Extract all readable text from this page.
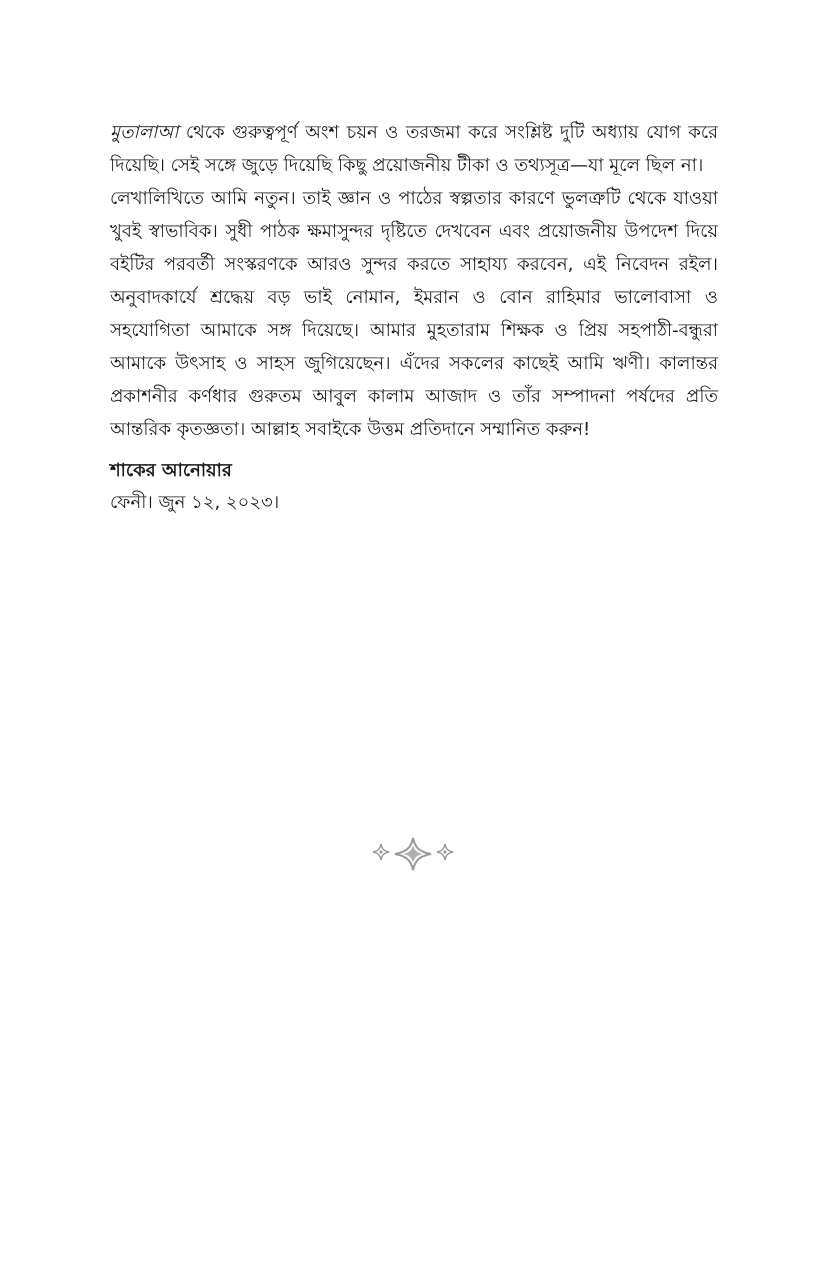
মুতালাআ থেকে গুরুত্বপূর্ণ অংশ চয়ন ও তরজমা করে সংশ্লিষ্ট দুটি অধ্যায় যোগ করে দিয়েছি। সেই সঙ্গে জুড়ে দিয়েছি কিছু প্রয়োজনীয় টীকা ও তথ্যসূত্র—যা মূলে ছিল না।

লেখালিখিতে আমি নতুন। তাই জ্ঞান ও পাঠের স্বল্পতার কারণে ভুলত্রুটি থেকে যাওয়া খুবই স্বাভাবিক। সুধী পাঠক ক্ষমাসুন্দর দৃষ্টিতে দেখবেন এবং প্রয়োজনীয় উপদেশ দিয়ে বইটির পরবর্তী সংস্করণকে আরও সুন্দর করতে সাহায্য করবেন, এই নিবেদন রইল। অনুবাদকার্যে শ্রদ্ধেয় বড় ভাই নোমান, ইমরান ও বোন রাহিমার ভালোবাসা ও সহযোগিতা আমাকে সঙ্গ দিয়েছে। আমার মুহতারাম শিক্ষক ও প্রিয় সহপাঠী-বন্ধুরা আমাকে উৎসাহ ও সাহস জুগিয়েছেন। এঁদের সকলের কাছেই আমি ঋণী। কালান্তর প্রকাশনীর কর্ণধার গুরুতম আবুল কালাম আজাদ ও তাঁর সম্পাদনা পর্ষদের প্রতি আন্তরিক কৃতজ্ঞতা। আল্লাহ সবাইকে উত্তম প্রতিদানে সম্মানিত করুন!

শাকের আনোয়ার
ফেনী। জুন ১২, ২০২৩।
